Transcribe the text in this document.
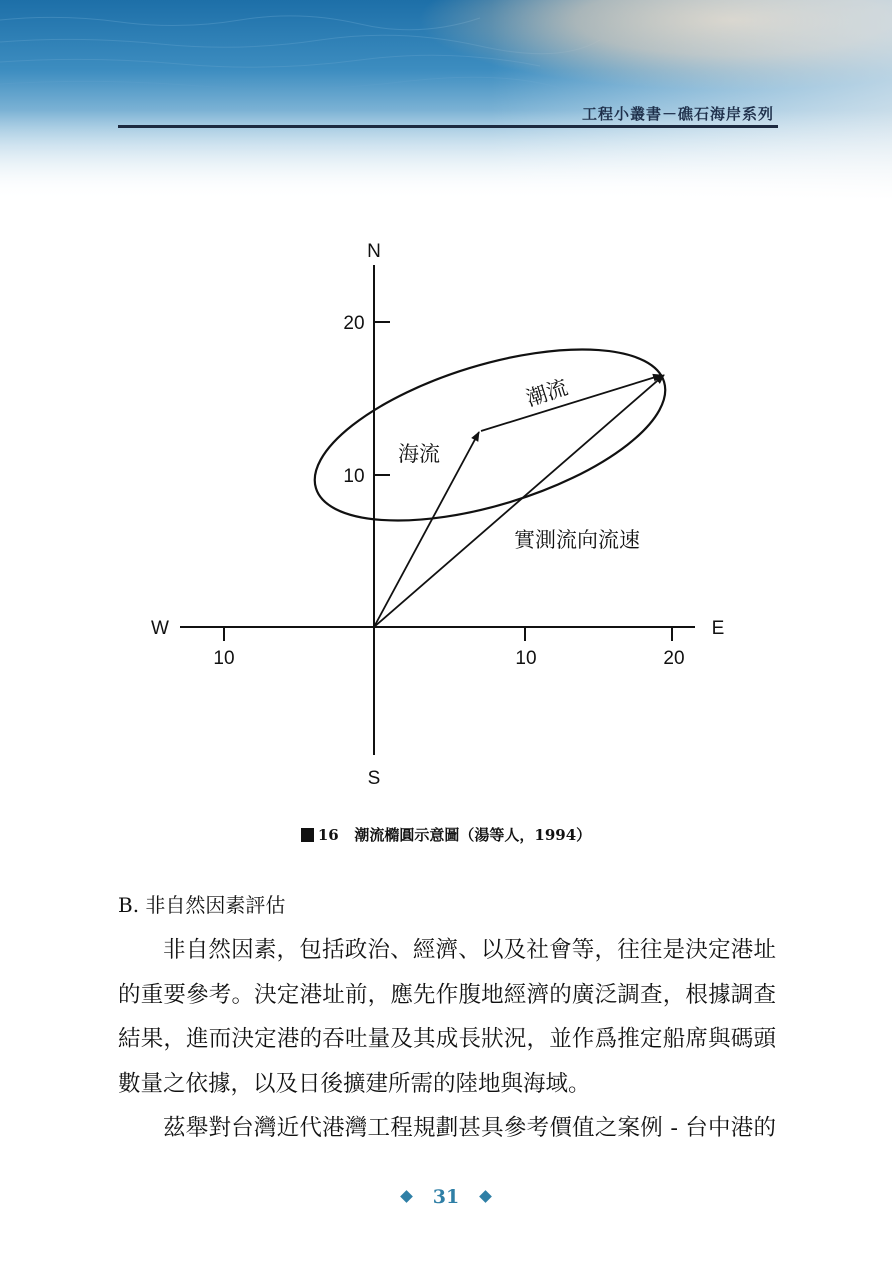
工程小叢書－礁石海岸系列
N
S
W	E
20
10
10	10	20
潮流
海流
實測流向流速
16 潮流橢圓示意圖（湯等人，1994）
B. 非自然因素評估
非自然因素，包括政治、經濟、以及社會等，往往是決定港址
的重要參考。決定港址前，應先作腹地經濟的廣泛調查，根據調查
結果，進而決定港的吞吐量及其成長狀況，並作爲推定船席與碼頭
數量之依據，以及日後擴建所需的陸地與海域。
茲舉對台灣近代港灣工程規劃甚具參考價值之案例 - 台中港的
31
